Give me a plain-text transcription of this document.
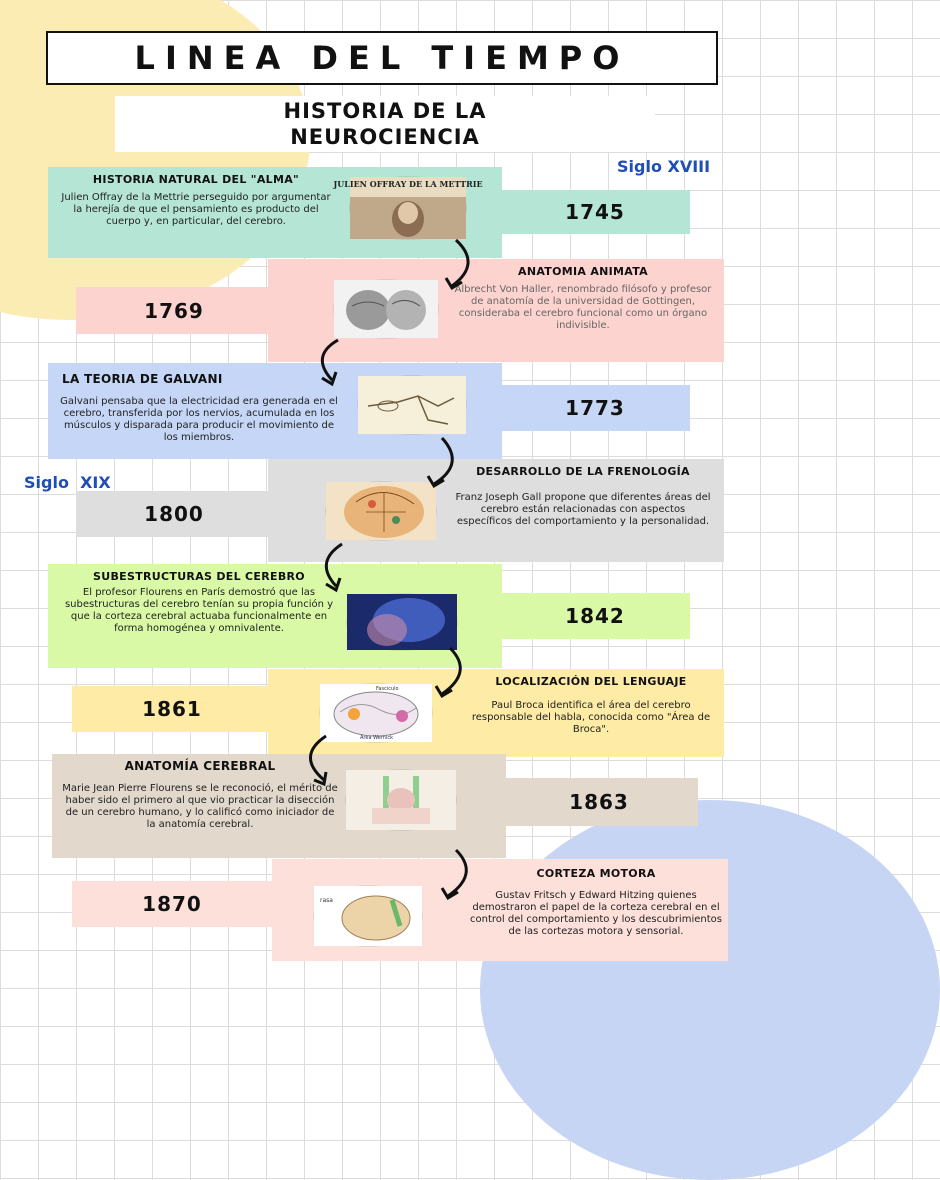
LINEA DEL TIEMPO
HISTORIA DE LA
NEUROCIENCIA
Siglo XVIII
Siglo  XIX
HISTORIA NATURAL DEL "ALMA"
Julien Offray de la Mettrie perseguido por argumentar la herejía de que el pensamiento es producto del cuerpo y, en particular, del cerebro.	1745
JULIEN OFFRAY DE LA METTRIE
ANATOMIA ANIMATA
Albrecht Von Haller, renombrado filósofo y profesor de anatomía de la universidad de Gottingen, consideraba el cerebro funcional como un órgano indivisible.
1769
LA TEORIA DE GALVANI
Galvani pensaba que la electricidad era generada en el cerebro, transferida por los nervios, acumulada en los músculos y disparada para producir el movimiento de los miembros.
1773
DESARROLLO DE LA FRENOLOGÍA
Franz Joseph Gall propone que diferentes áreas del cerebro están relacionadas con aspectos específicos del comportamiento y la personalidad.
1800
SUBESTRUCTURAS DEL CEREBRO
El profesor Flourens en París demostró que las subestructuras del cerebro tenían su propia función y que la corteza cerebral actuaba funcionalmente en forma homogénea y omnivalente.
1842
LOCALIZACIÓN DEL LENGUAJE
Paul Broca identifica el área del cerebro responsable del habla, conocida como "Área de Broca".
1861
Fasciculo
Área Wernick
ANATOMÍA CEREBRAL
Marie Jean Pierre Flourens se le reconoció, el mérito de haber sido el primero al que vio practicar la disección de un cerebro humano, y lo calificó como iniciador de la anatomía cerebral.
1863
CORTEZA MOTORA
Gustav Fritsch y Edward Hitzing quienes demostraron el papel de la corteza cerebral en el control del comportamiento y los descubrimientos de las cortezas motora y sensorial.
1870	rasa
